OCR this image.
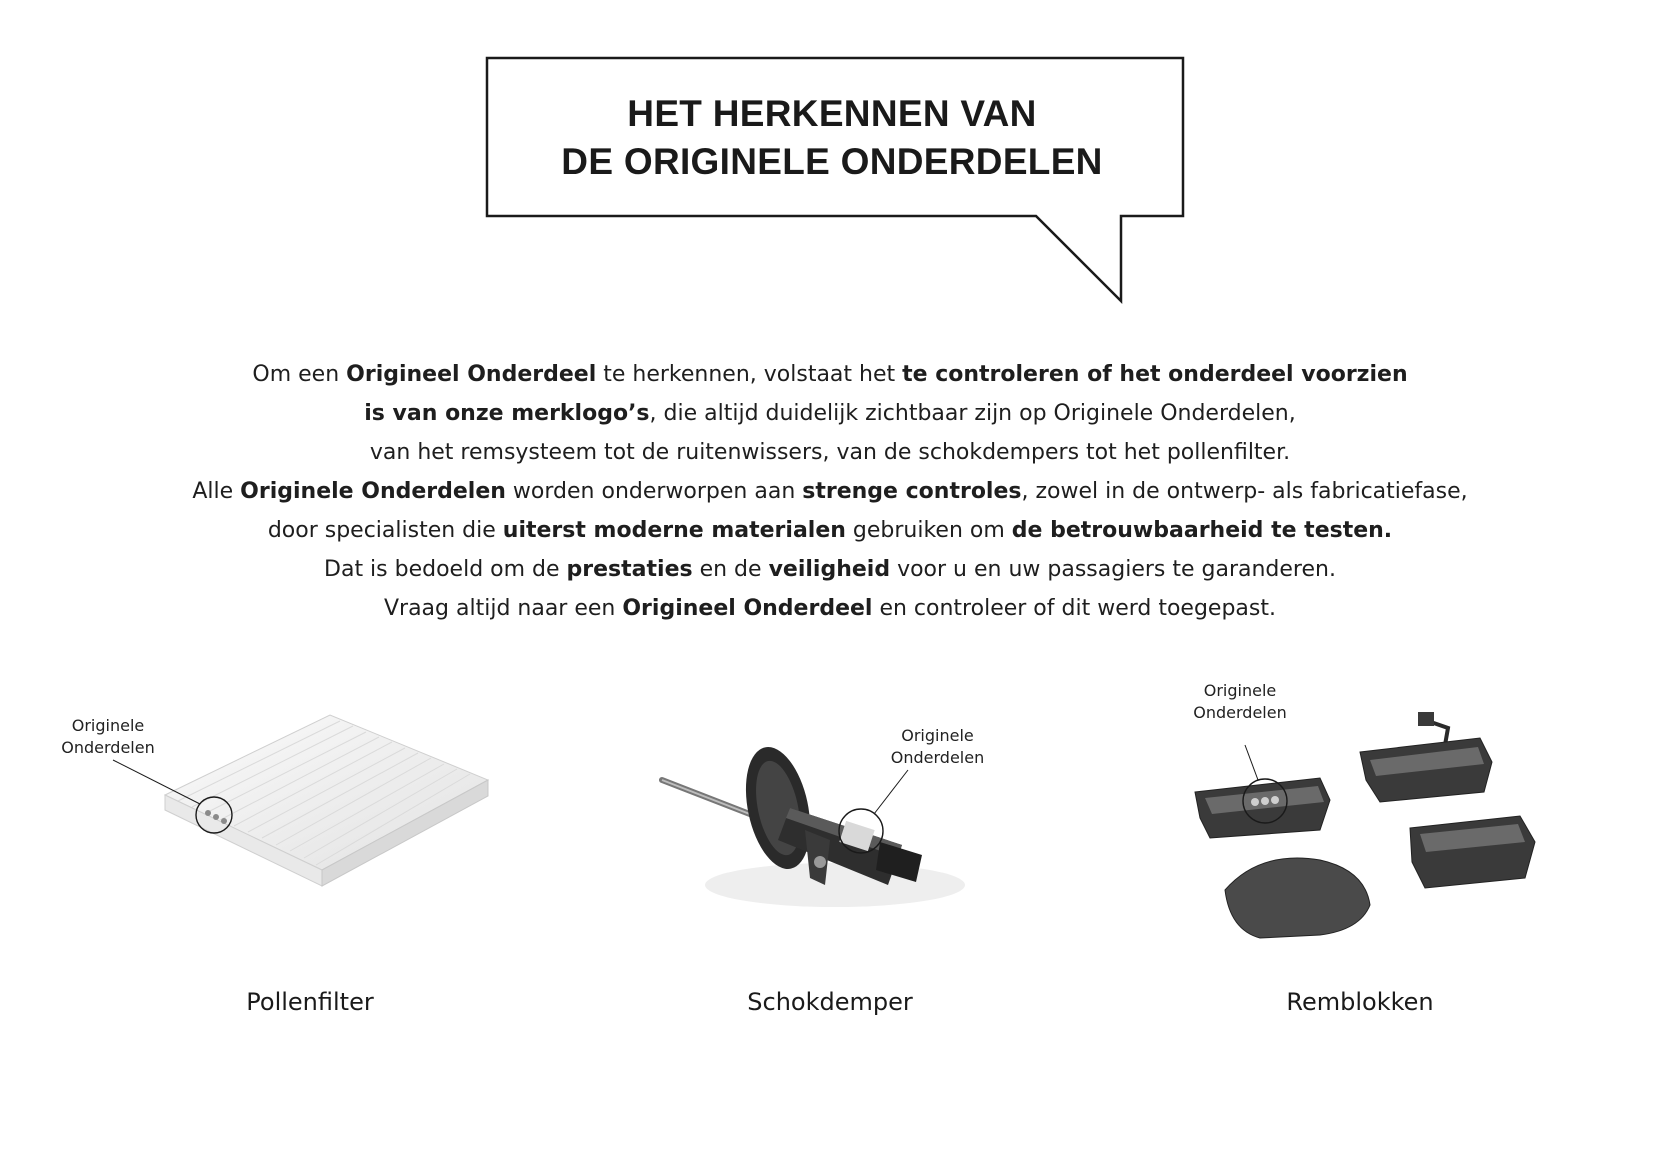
HET HERKENNEN VAN
DE ORIGINELE ONDERDELEN
Om een Origineel Onderdeel te herkennen, volstaat het te controleren of het onderdeel voorzien
is van onze merklogo’s, die altijd duidelijk zichtbaar zijn op Originele Onderdelen,
van het remsysteem tot de ruitenwissers, van de schokdempers tot het pollenfilter.
Alle Originele Onderdelen worden onderworpen aan strenge controles, zowel in de ontwerp- als fabricatiefase,
door specialisten die uiterst moderne materialen gebruiken om de betrouwbaarheid te testen.
Dat is bedoeld om de prestaties en de veiligheid voor u en uw passagiers te garanderen.
Vraag altijd naar een Origineel Onderdeel en controleer of dit werd toegepast.
Originele
Onderdelen
Pollenfilter
Originele
Onderdelen
Schokdemper
Originele
Onderdelen
Remblokken
